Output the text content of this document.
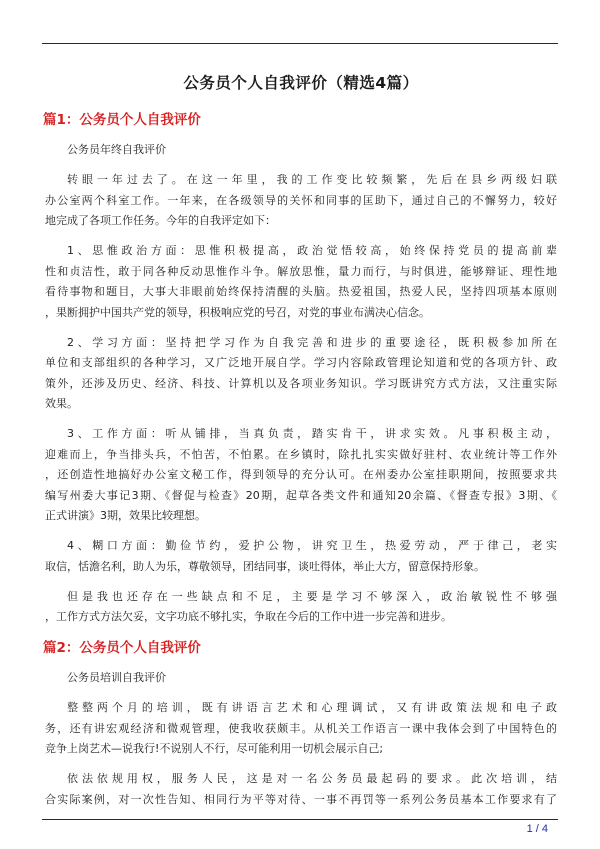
公务员个人自我评价（精选4篇）
篇1：公务员个人自我评价
公务员年终自我评价
转眼一年过去了。在这一年里，我的工作变比较频繁，先后在县乡两级妇联
办公室两个科室工作。一年来，在各级领导的关怀和同事的匡助下，通过自己的不懈努力，较好
地完成了各项工作任务。今年的自我评定如下：
1、思惟政治方面：思惟积极提高，政治觉悟较高，始终保持党员的提高前辈
性和贞洁性，敢于同各种反动思惟作斗争。解放思惟，量力而行，与时俱进，能够辩证、理性地
看待事物和题目，大事大非眼前始终保持清醒的头脑。热爱祖国，热爱人民，坚持四项基本原则
，果断拥护中国共产党的领导，积极响应党的号召，对党的事业布满决心信念。
2、学习方面：坚持把学习作为自我完善和进步的重要途径，既积极参加所在
单位和支部组织的各种学习，又广泛地开展自学。学习内容除政管理论知道和党的各项方针、政
策外，还涉及历史、经济、科技、计算机以及各项业务知识。学习既讲究方式方法，又注重实际
效果。
3、工作方面：听从铺排，当真负责，踏实肯干，讲求实效。凡事积极主动，
迎难而上，争当排头兵，不怕苦，不怕累。在乡镇时，除扎扎实实做好驻村、农业统计等工作外
，还创造性地搞好办公室文秘工作，得到领导的充分认可。在州委办公室挂职期间，按照要求共
编写州委大事记3期、《督促与检查》20期，起草各类文件和通知20余篇、《督查专报》3期、《
正式讲演》3期，效果比较理想。
4、糊口方面：勤俭节约，爱护公物，讲究卫生，热爱劳动，严于律己，老实
取信，恬澹名利，助人为乐，尊敬领导，团结同事，谈吐得体，举止大方，留意保持形象。
但是我也还存在一些缺点和不足，主要是学习不够深入，政治敏锐性不够强
，工作方式方法欠妥，文字功底不够扎实，争取在今后的工作中进一步完善和进步。
篇2：公务员个人自我评价
公务员培训自我评价
整整两个月的培训，既有讲语言艺术和心理调试，又有讲政策法规和电子政
务，还有讲宏观经济和微观管理，使我收获颇丰。从机关工作语言一课中我体会到了中国特色的
竞争上岗艺术—说我行!不说别人不行，尽可能利用一切机会展示自己;
依法依规用权，服务人民，这是对一名公务员最起码的要求。此次培训，结
合实际案例，对一次性告知、相同行为平等对待、一事不再罚等一系列公务员基本工作要求有了
1 / 4
